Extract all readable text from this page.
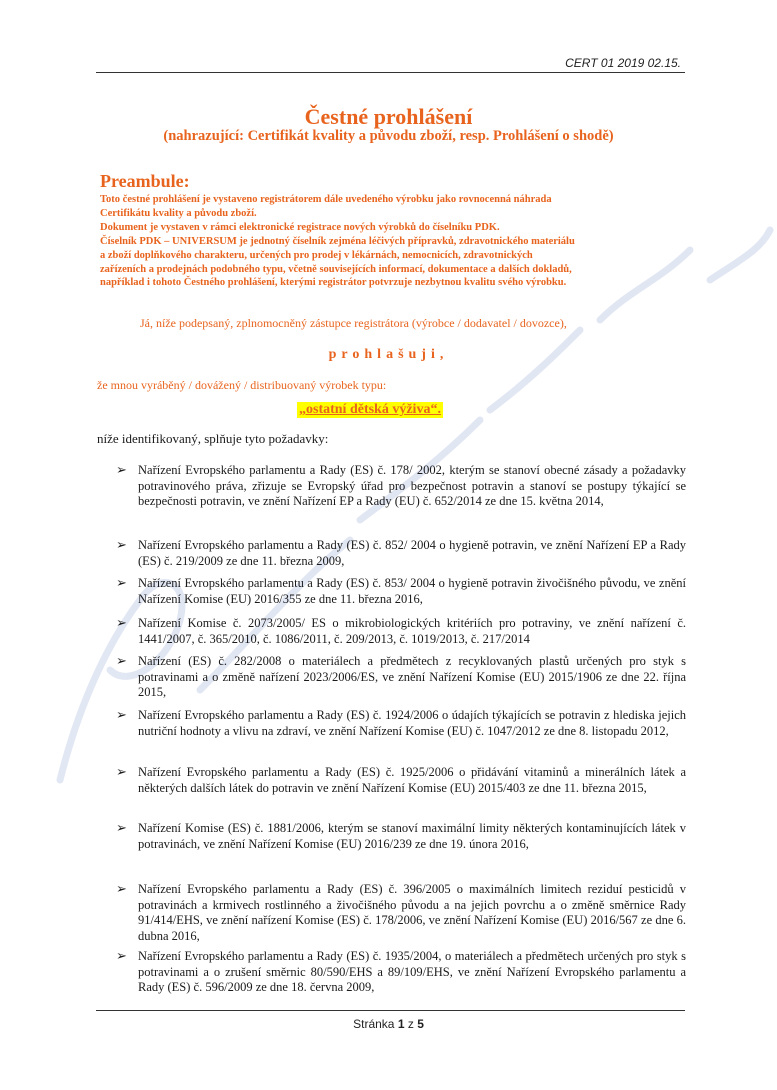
CERT 01 2019 02.15.
Čestné prohlášení
(nahrazující: Certifikát kvality a původu zboží, resp. Prohlášení o shodě)
Preambule:

Toto čestné prohlášení je vystaveno registrátorem dále uvedeného výrobku jako rovnocenná náhrada

Certifikátu kvality a původu zboží.

Dokument je vystaven v rámci elektronické registrace nových výrobků do číselníku PDK.

Číselník PDK – UNIVERSUM je jednotný číselník zejména léčivých přípravků, zdravotnického materiálu

a zboží doplňkového charakteru, určených pro prodej v lékárnách, nemocnicích, zdravotnických

zařízeních a prodejnách podobného typu, včetně souvisejících informací, dokumentace a dalších dokladů,

například i tohoto Čestného prohlášení, kterými registrátor potvrzuje nezbytnou kvalitu svého výrobku.

Já, níže podepsaný, zplnomocněný zástupce registrátora (výrobce / dodavatel / dovozce),
prohlašuji,
že mnou vyráběný / dovážený / distribuovaný výrobek typu:
„ostatní dětská výživa“.
níže identifikovaný, splňuje tyto požadavky:
➢ Nařízení Evropského parlamentu a Rady (ES) č. 178/ 2002, kterým se stanoví obecné zásady a požadavky potravinového práva, zřizuje se Evropský úřad pro bezpečnost potravin a stanoví se postupy týkající se bezpečnosti potravin, ve znění Nařízení EP a Rady (EU) č. 652/2014 ze dne 15. května 2014,
➢ Nařízení Evropského parlamentu a Rady (ES) č. 852/ 2004 o hygieně potravin, ve znění Nařízení EP a Rady (ES) č. 219/2009 ze dne 11. března 2009,
➢ Nařízení Evropského parlamentu a Rady (ES) č. 853/ 2004 o hygieně potravin živočišného původu, ve znění Nařízení Komise (EU) 2016/355 ze dne 11. března 2016,
➢ Nařízení Komise č. 2073/2005/ ES o mikrobiologických kritériích pro potraviny, ve znění nařízení č. 1441/2007, č. 365/2010, č. 1086/2011, č. 209/2013, č. 1019/2013, č. 217/2014
➢ Nařízení (ES) č. 282/2008 o materiálech a předmětech z recyklovaných plastů určených pro styk s potravinami a o změně nařízení 2023/2006/ES, ve znění Nařízení Komise (EU) 2015/1906 ze dne 22. října 2015,
➢ Nařízení Evropského parlamentu a Rady (ES) č. 1924/2006 o údajích týkajících se potravin z hlediska jejich nutriční hodnoty a vlivu na zdraví, ve znění Nařízení Komise (EU) č. 1047/2012 ze dne 8. listopadu 2012,
➢ Nařízení Evropského parlamentu a Rady (ES) č. 1925/2006 o přidávání vitaminů a minerálních látek a některých dalších látek do potravin ve znění Nařízení Komise (EU) 2015/403 ze dne 11. března 2015,
➢ Nařízení Komise (ES) č. 1881/2006, kterým se stanoví maximální limity některých kontaminujících látek v potravinách, ve znění Nařízení Komise (EU) 2016/239 ze dne 19. února 2016,
➢ Nařízení Evropského parlamentu a Rady (ES) č. 396/2005 o maximálních limitech reziduí pesticidů v potravinách a krmivech rostlinného a živočišného původu a na jejich povrchu a o změně směrnice Rady 91/414/EHS, ve znění nařízení Komise (ES) č. 178/2006, ve znění Nařízení Komise (EU) 2016/567 ze dne 6. dubna 2016,
➢ Nařízení Evropského parlamentu a Rady (ES) č. 1935/2004, o materiálech a předmětech určených pro styk s potravinami a o zrušení směrnic 80/590/EHS a 89/109/EHS, ve znění Nařízení Evropského parlamentu a Rady (ES) č. 596/2009 ze dne 18. června 2009,
Stránka 1 z 5
